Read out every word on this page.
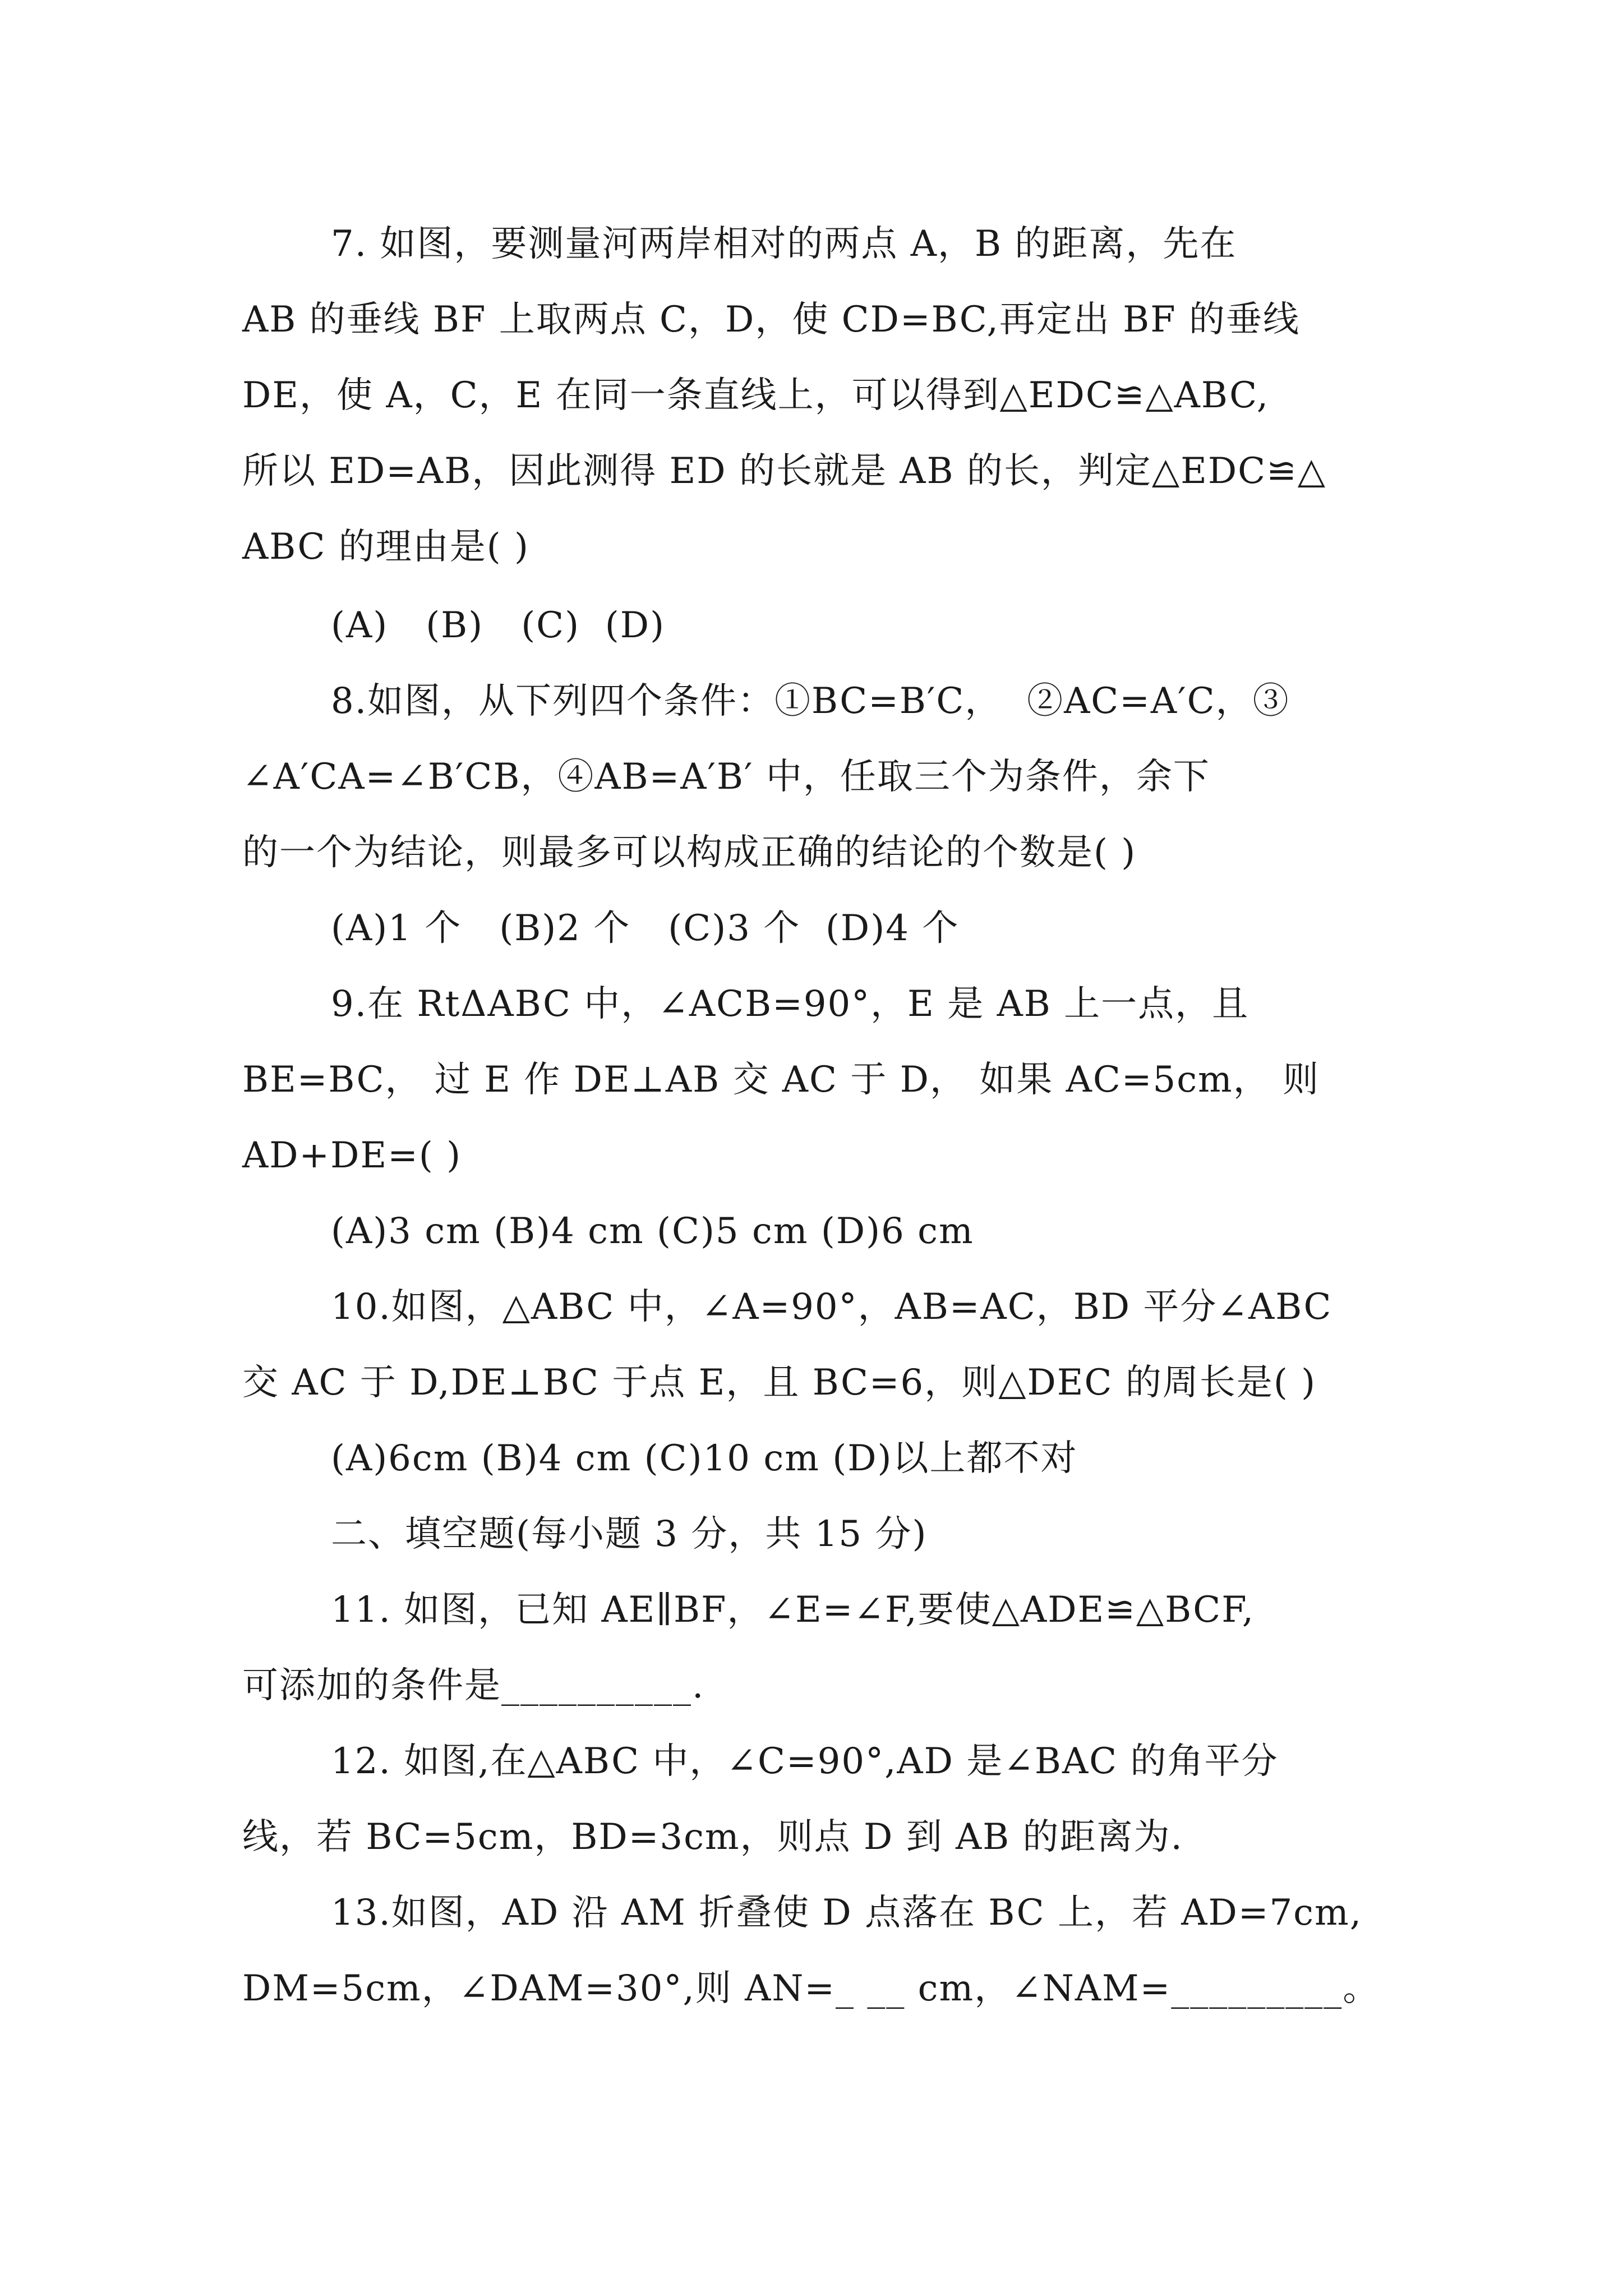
7. 如图，要测量河两岸相对的两点 A，B 的距离，先在
AB 的垂线 BF 上取两点 C，D，使 CD=BC,再定出 BF 的垂线
DE，使 A，C，E 在同一条直线上，可以得到△EDC≌△ABC,
所以 ED=AB，因此测得 ED 的长就是 AB 的长，判定△EDC≌△
ABC 的理由是( )
(A)   (B)   (C)  (D)
8.如图，从下列四个条件：①BC=B′C，  ②AC=A′C，③
∠A′CA=∠B′CB，④AB=A′B′ 中，任取三个为条件，余下
的一个为结论，则最多可以构成正确的结论的个数是( )
(A)1 个   (B)2 个   (C)3 个  (D)4 个
9.在 RtΔABC 中，∠ACB=90°，E 是 AB 上一点，且
BE=BC， 过 E 作 DE⊥AB 交 AC 于 D， 如果 AC=5cm， 则
AD+DE=( )
(A)3 cm (B)4 cm (C)5 cm (D)6 cm
10.如图，△ABC 中，∠A=90°，AB=AC，BD 平分∠ABC
交 AC 于 D,DE⊥BC 于点 E，且 BC=6，则△DEC 的周长是( )
(A)6cm (B)4 cm (C)10 cm (D)以上都不对
二、填空题(每小题 3 分，共 15 分)
11. 如图，已知 AE∥BF，∠E=∠F,要使△ADE≌△BCF,
可添加的条件是__________.
12. 如图,在△ABC 中，∠C=90°,AD 是∠BAC 的角平分
线，若 BC=5cm，BD=3cm，则点 D 到 AB 的距离为.
13.如图，AD 沿 AM 折叠使 D 点落在 BC 上，若 AD=7cm,
DM=5cm，∠DAM=30°,则 AN=_ __ cm，∠NAM=_________。
